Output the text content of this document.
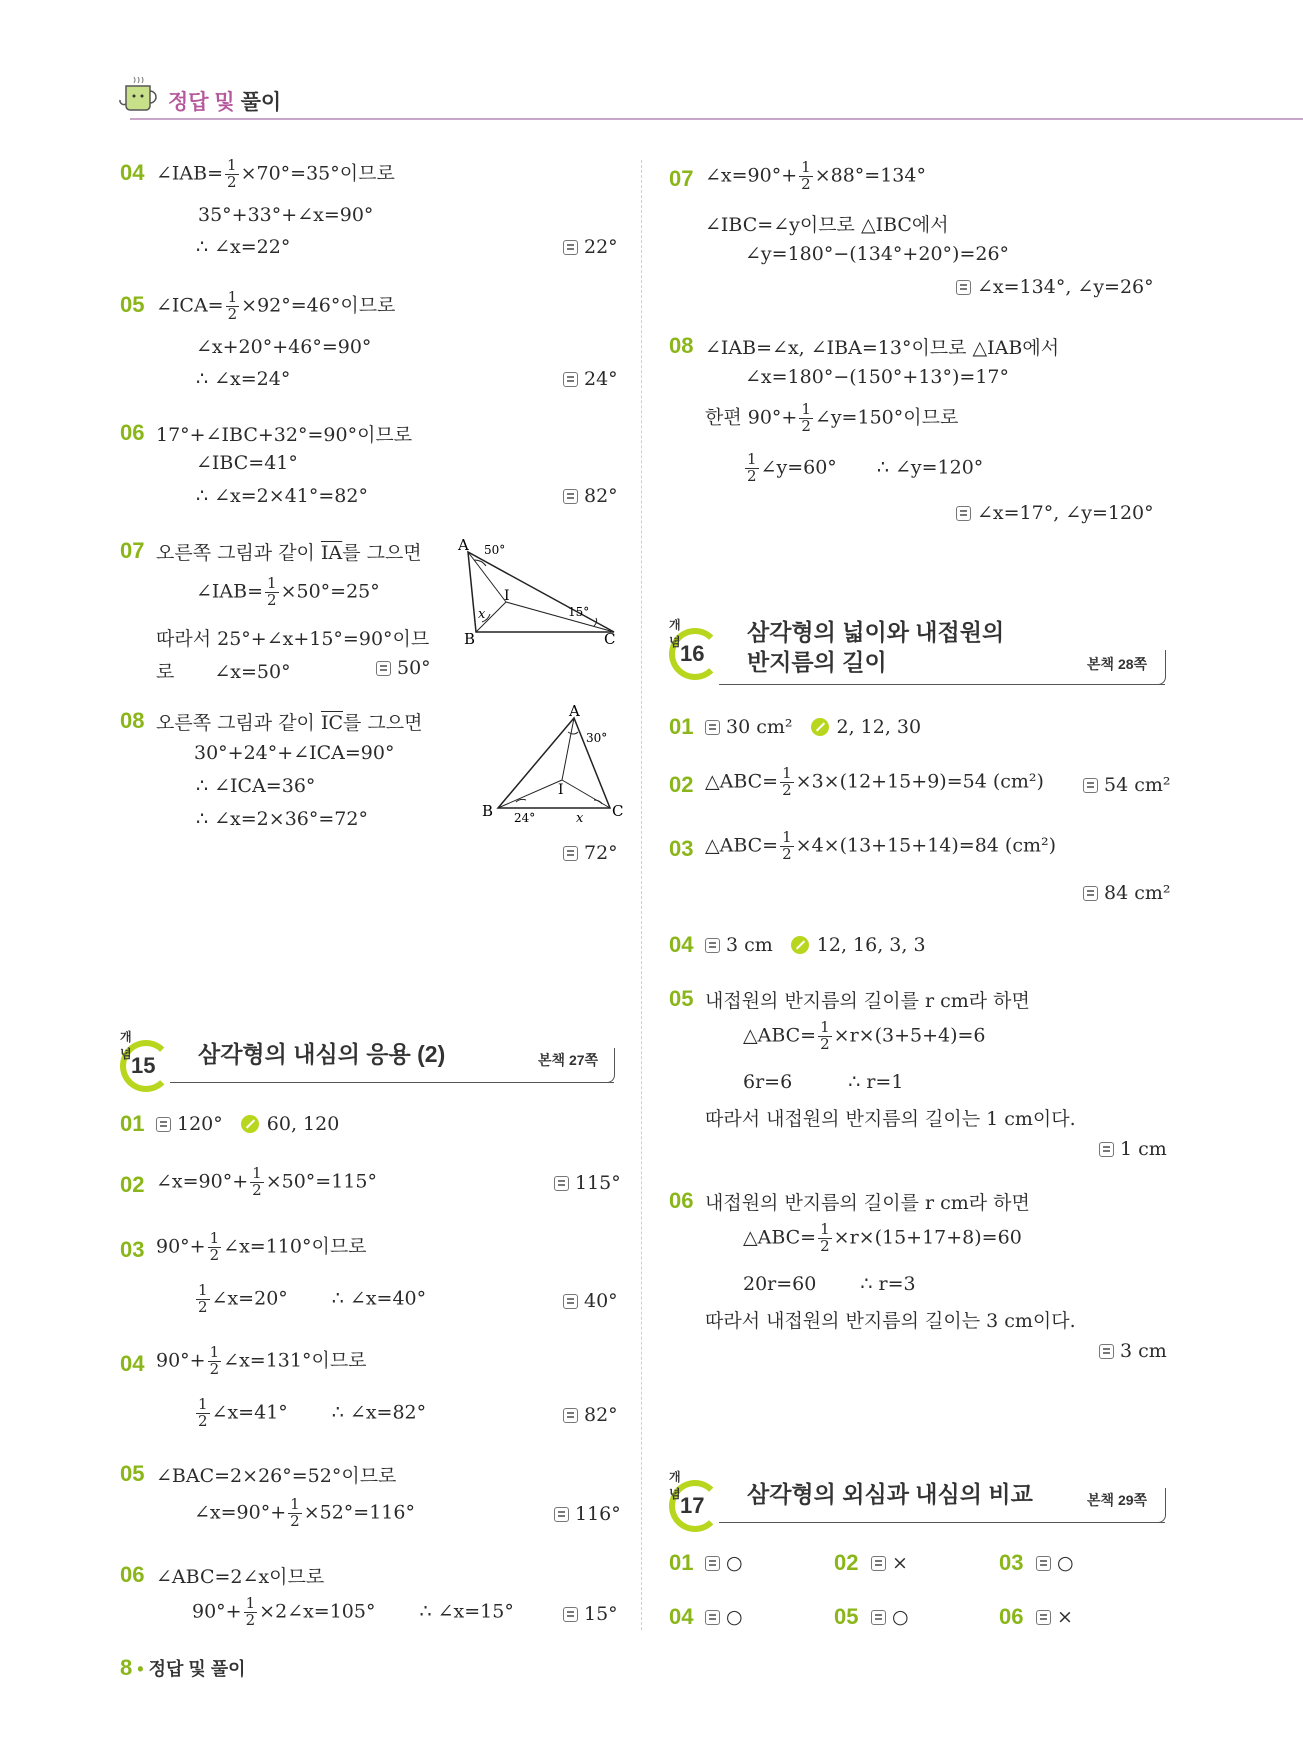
정답 및 풀이
04 ∠IAB= $\frac{1}{2} \times 70^\circ=35^\circ$이므로
35°+33°+∠x=90°
∴ ∠x=22°	22°
05 ∠ICA= $\frac{1}{2} \times 92^\circ=46^\circ$이므로
∠x+20°+46°=90°
∴ ∠x=24°	24°
06 17°+∠IBC+32°=90°이므로
∠IBC=41°
∴ ∠x=2×41°=82°	82°
07 오른쪽 그림과 같이 $\overline{IA}$를 그으면
∠IAB= $\frac{1}{2} \times 50^\circ=25^\circ$
따라서 25°+∠x+15°=90°이므
로 ∠x=50°	50°
A
B	C
I
x
50°
15°
08 오른쪽 그림과 같이 $\overline{IC}$를 그으면
30°+24°+∠ICA=90°
∴ ∠ICA=36°
∴ ∠x=2×36°=72°
72°
A
B	C
I
x
30°
24°
개념 15 삼각형의 내심의 응용 (2)	본책 27쪽
01	120° 60, 120
02 ∠x=90°+ $\frac{1}{2} \times 50^\circ=115^\circ$	115°
03 $90^\circ+ \frac{1}{2}$ ∠x=110°이므로
$\frac{1}{2}$ ∠x=20° ∴ ∠x=40°	40°
04 $90^\circ+ \frac{1}{2}$ ∠x=131°이므로
$\frac{1}{2}$ ∠x=41° ∴ ∠x=82°	82°
05 ∠BAC=2×26°=52°이므로
∠x=90°+ $\frac{1}{2} \times 52^\circ=116^\circ$	116°
06 ∠ABC=2∠x이므로
$90^\circ+ \frac{1}{2}$ ×2∠x=105° ∴ ∠x=15°	15°
07 ∠x=90°+ $\frac{1}{2} \times 88^\circ=134^\circ$
∠IBC=∠y이므로 △IBC에서
∠y=180°−(134°+20°)=26°
∠x=134°, ∠y=26°
08 ∠IAB=∠x, ∠IBA=13°이므로 △IAB에서
∠x=180°−(150°+13°)=17°
한편 $90^\circ+ \frac{1}{2}$ ∠y=150°이므로
$\frac{1}{2}$ ∠y=60° ∴ ∠y=120°
∠x=17°, ∠y=120°
개념 16
삼각형의 넓이와 내접원의
반지름의 길이	본책 28쪽
01	30 cm² 2, 12, 30
02 △ABC= $\frac{1}{2} \times 3\times(12+15+9)=54$ (cm²)	54 cm²
03 △ABC= $\frac{1}{2} \times 4\times(13+15+14)=84$ (cm²)
84 cm²
04	3 cm 12, 16, 3, 3
05 내접원의 반지름의 길이를 r cm라 하면
△ABC= $\frac{1}{2} \times r\times(3+5+4)=6$
6r=6	∴ r=1
따라서 내접원의 반지름의 길이는 1 cm이다.
1 cm
06 내접원의 반지름의 길이를 r cm라 하면
△ABC= $\frac{1}{2} \times r\times(15+17+8)=60$
20r=60 ∴ r=3
따라서 내접원의 반지름의 길이는 3 cm이다.
3 cm
개념 17 삼각형의 외심과 내심의 비교	본책 29쪽
01	○	02	×	03	○
04	○	05	○	06	×
8 • 정답 및 풀이
